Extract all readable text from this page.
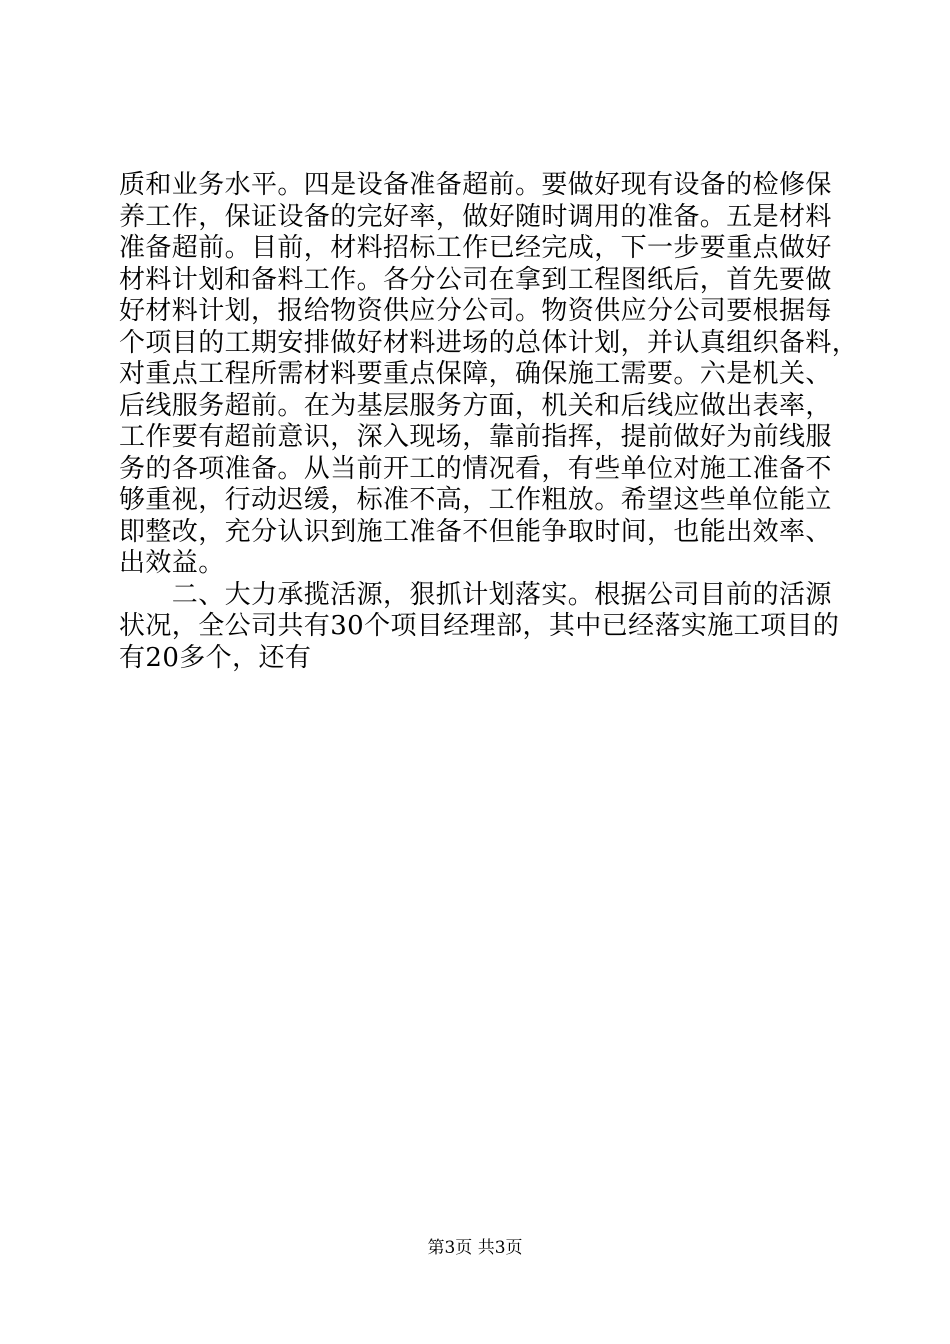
质和业务水平。四是设备准备超前。要做好现有设备的检修保
养工作，保证设备的完好率，做好随时调用的准备。五是材料
准备超前。目前，材料招标工作已经完成，下一步要重点做好
材料计划和备料工作。各分公司在拿到工程图纸后，首先要做
好材料计划，报给物资供应分公司。物资供应分公司要根据每
个项目的工期安排做好材料进场的总体计划，并认真组织备料，
对重点工程所需材料要重点保障，确保施工需要。六是机关、
后线服务超前。在为基层服务方面，机关和后线应做出表率，
工作要有超前意识，深入现场，靠前指挥，提前做好为前线服
务的各项准备。从当前开工的情况看，有些单位对施工准备不
够重视，行动迟缓，标准不高，工作粗放。希望这些单位能立
即整改，充分认识到施工准备不但能争取时间，也能出效率、
出效益。
　　二、大力承揽活源，狠抓计划落实。根据公司目前的活源
状况，全公司共有30个项目经理部，其中已经落实施工项目的
有20多个，还有
第3页 共3页
